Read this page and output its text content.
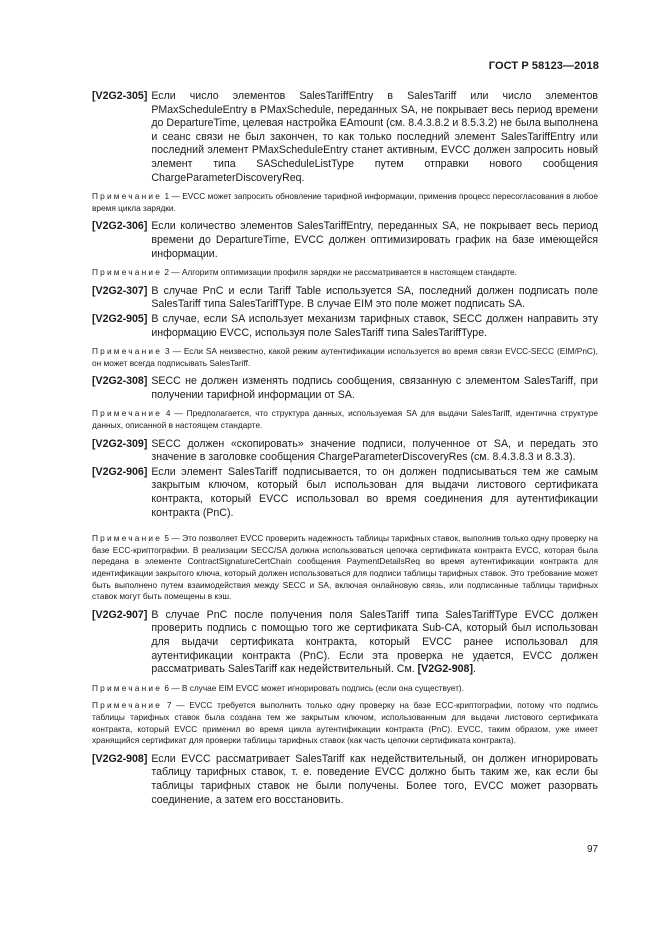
ГОСТ Р 58123—2018
[V2G2-305] Если число элементов SalesTariffEntry в SalesTariff или число элементов PMaxScheduleEntry в PMaxSchedule, переданных SA, не покрывает весь период времени до DepartureTime, целевая настройка EAmount (см. 8.4.3.8.2 и 8.5.3.2) не была выполнена и сеанс связи не был закончен, то как только последний элемент SalesTariffEntry или последний элемент PMaxScheduleEntry станет активным, EVCC должен запросить новый элемент типа SAScheduleListType путем отправки нового сообщения ChargeParameterDiscoveryReq.
Примечание 1 — EVCC может запросить обновление тарифной информации, применив процесс пересогласования в любое время цикла зарядки.
[V2G2-306] Если количество элементов SalesTariffEntry, переданных SA, не покрывает весь период времени до DepartureTime, EVCC должен оптимизировать график на базе имеющейся информации.
Примечание 2 — Алгоритм оптимизации профиля зарядки не рассматривается в настоящем стандарте.
[V2G2-307] В случае PnC и если Tariff Table используется SA, последний должен подписать поле SalesTariff типа SalesTariffType. В случае EIM это поле может подписать SA.
[V2G2-905] В случае, если SA использует механизм тарифных ставок, SECC должен направить эту информацию EVCC, используя поле SalesTariff типа SalesTariffType.
Примечание 3 — Если SA неизвестно, какой режим аутентификации используется во время связи EVCC-SECC (EIM/PnC), он может всегда подписывать SalesTariff.
[V2G2-308] SECC не должен изменять подпись сообщения, связанную с элементом SalesTariff, при получении тарифной информации от SA.
Примечание 4 — Предполагается, что структура данных, используемая SA для выдачи SalesTariff, идентична структуре данных, описанной в настоящем стандарте.
[V2G2-309] SECC должен «скопировать» значение подписи, полученное от SA, и передать это значение в заголовке сообщения ChargeParameterDiscoveryRes (см. 8.4.3.8.3 и 8.3.3).
[V2G2-906] Если элемент SalesTariff подписывается, то он должен подписываться тем же самым закрытым ключом, который был использован для выдачи листового сертификата контракта, который EVCC использовал во время соединения для аутентификации контракта (PnC).
Примечание 5 — Это позволяет EVCC проверить надежность таблицы тарифных ставок, выполнив только одну проверку на базе ЕСС-криптографии. В реализации SECC/SA должна использоваться цепочка сертификата контракта EVCC, которая была передана в элементе ContractSignatureCertChain сообщения PaymentDetailsReq во время аутентификации контракта для идентификации закрытого ключа, который должен использоваться для подписи таблицы тарифных ставок. Это требование может быть выполнено путем взаимодействия между SECC и SA, включая онлайновую связь, или подписанные таблицы тарифных ставок могут быть помещены в кэш.
[V2G2-907] В случае PnC после получения поля SalesTariff типа SalesTariffType EVCC должен проверить подпись с помощью того же сертификата Sub-CA, который был использован для выдачи сертификата контракта, который EVCC ранее использовал для аутентификации контракта (PnC). Если эта проверка не удается, EVCC должен рассматривать SalesTariff как недействительный. См. [V2G2-908].
Примечание 6 — В случае EIM EVCC может игнорировать подпись (если она существует).
Примечание 7 — EVCC требуется выполнить только одну проверку на базе ЕСС-криптографии, потому что подпись таблицы тарифных ставок была создана тем же закрытым ключом, использованным для выдачи листового сертификата контракта, который EVCC применил во время цикла аутентификации контракта (PnC). EVCC, таким образом, уже имеет хранящийся сертификат для проверки таблицы тарифных ставок (как часть цепочки сертификата контракта).
[V2G2-908] Если EVCC рассматривает SalesTariff как недействительный, он должен игнорировать таблицу тарифных ставок, т. е. поведение EVCC должно быть таким же, как если бы таблицы тарифных ставок не были получены. Более того, EVCC может разорвать соединение, а затем его восстановить.
97
